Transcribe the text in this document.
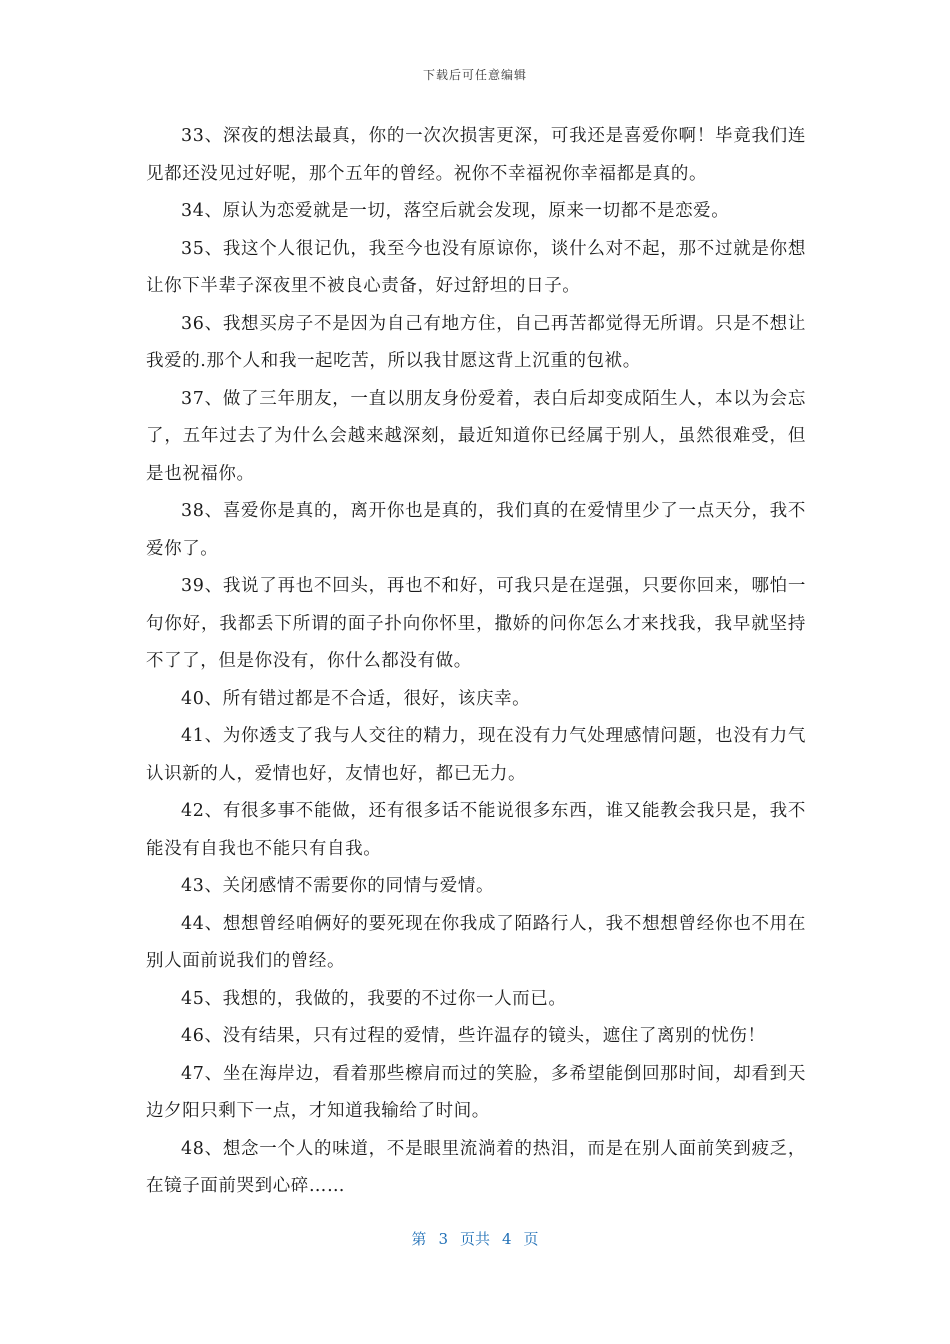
下载后可任意编辑

33、深夜的想法最真，你的一次次损害更深，可我还是喜爱你啊！毕竟我们连见都还没见过好呢，那个五年的曾经。祝你不幸福祝你幸福都是真的。

34、原认为恋爱就是一切，落空后就会发现，原来一切都不是恋爱。

35、我这个人很记仇，我至今也没有原谅你，谈什么对不起，那不过就是你想让你下半辈子深夜里不被良心责备，好过舒坦的日子。

36、我想买房子不是因为自己有地方住，自己再苦都觉得无所谓。只是不想让我爱的.那个人和我一起吃苦，所以我甘愿这背上沉重的包袱。

37、做了三年朋友，一直以朋友身份爱着，表白后却变成陌生人，本以为会忘了，五年过去了为什么会越来越深刻，最近知道你已经属于别人，虽然很难受，但是也祝福你。

38、喜爱你是真的，离开你也是真的，我们真的在爱情里少了一点天分，我不爱你了。

39、我说了再也不回头，再也不和好，可我只是在逞强，只要你回来，哪怕一句你好，我都丢下所谓的面子扑向你怀里，撒娇的问你怎么才来找我，我早就坚持不了了，但是你没有，你什么都没有做。

40、所有错过都是不合适，很好，该庆幸。

41、为你透支了我与人交往的精力，现在没有力气处理感情问题，也没有力气认识新的人，爱情也好，友情也好，都已无力。

42、有很多事不能做，还有很多话不能说很多东西，谁又能教会我只是，我不能没有自我也不能只有自我。

43、关闭感情不需要你的同情与爱情。

44、想想曾经咱俩好的要死现在你我成了陌路行人，我不想想曾经你也不用在别人面前说我们的曾经。

45、我想的，我做的，我要的不过你一人而已。

46、没有结果，只有过程的爱情，些许温存的镜头，遮住了离别的忧伤！

47、坐在海岸边，看着那些檫肩而过的笑脸，多希望能倒回那时间，却看到天边夕阳只剩下一点，才知道我输给了时间。

48、想念一个人的味道，不是眼里流淌着的热泪，而是在别人面前笑到疲乏，在镜子面前哭到心碎……

第 3 页共 4 页
